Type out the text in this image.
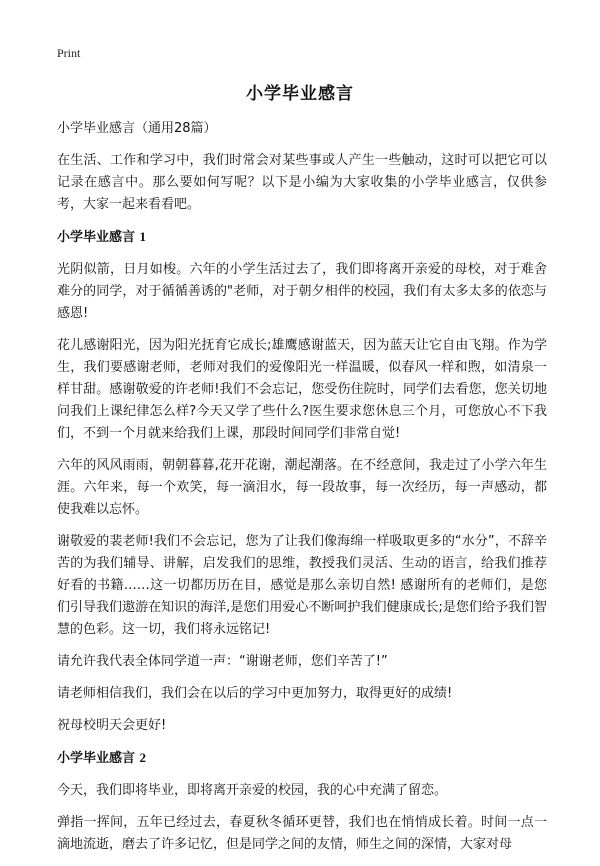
Print
小学毕业感言

小学毕业感言（通用28篇）

在生活、工作和学习中，我们时常会对某些事或人产生一些触动，这时可以把它可以记录在感言中。那么要如何写呢？以下是小编为大家收集的小学毕业感言，仅供参考，大家一起来看看吧。

小学毕业感言 1

光阴似箭，日月如梭。六年的小学生活过去了，我们即将离开亲爱的母校，对于难舍难分的同学，对于循循善诱的"老师，对于朝夕相伴的校园，我们有太多太多的依恋与感恩!

花儿感谢阳光，因为阳光抚育它成长;雄鹰感谢蓝天，因为蓝天让它自由飞翔。作为学生，我们要感谢老师，老师对我们的爱像阳光一样温暖，似春风一样和煦，如清泉一样甘甜。感谢敬爱的许老师!我们不会忘记，您受伤住院时，同学们去看您，您关切地问我们上课纪律怎么样?今天又学了些什么?医生要求您休息三个月，可您放心不下我们，不到一个月就来给我们上课，那段时间同学们非常自觉!

六年的风风雨雨，朝朝暮暮,花开花谢，潮起潮落。在不经意间，我走过了小学六年生涯。六年来，每一个欢笑，每一滴泪水，每一段故事，每一次经历，每一声感动，都使我难以忘怀。

谢敬爱的裴老师!我们不会忘记，您为了让我们像海绵一样吸取更多的“水分”，不辞辛苦的为我们辅导、讲解，启发我们的思维，教授我们灵活、生动的语言，给我们推荐好看的书籍……这一切都历历在目，感觉是那么亲切自然! 感谢所有的老师们，是您们引导我们遨游在知识的海洋,是您们用爱心不断呵护我们健康成长;是您们给予我们智慧的色彩。这一切，我们将永远铭记!

请允许我代表全体同学道一声：“谢谢老师，您们辛苦了!”

请老师相信我们，我们会在以后的学习中更加努力，取得更好的成绩!

祝母校明天会更好!

小学毕业感言 2

今天，我们即将毕业，即将离开亲爱的校园，我的心中充满了留恋。

弹指一挥间，五年已经过去，春夏秋冬循环更替，我们也在悄悄成长着。时间一点一滴地流逝，磨去了许多记忆，但是同学之间的友情，师生之间的深情，大家对母
